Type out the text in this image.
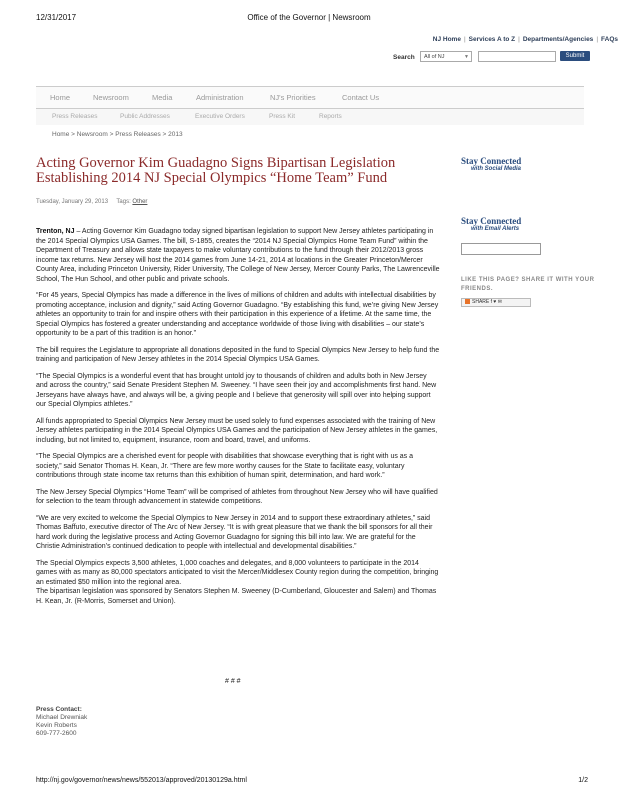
12/31/2017	Office of the Governor | Newsroom
NJ Home | Services A to Z | Departments/Agencies | FAQs
Search	All of NJ	▼	Submit
Home	Newsroom	Media	Administration	NJ's Priorities	Contact Us
Press Releases	Public Addresses	Executive Orders	Press Kit	Reports
Home > Newsroom > Press Releases > 2013
Acting Governor Kim Guadagno Signs Bipartisan Legislation Establishing 2014 NJ Special Olympics “Home Team” Fund
Tuesday, January 29, 2013 Tags: Other

Trenton, NJ – Acting Governor Kim Guadagno today signed bipartisan legislation to support New Jersey athletes participating in the 2014 Special Olympics USA Games. The bill, S-1855, creates the “2014 NJ Special Olympics Home Team Fund” within the Department of Treasury and allows state taxpayers to make voluntary contributions to the fund through their 2012/2013 gross income tax returns. New Jersey will host the 2014 games from June 14-21, 2014 at locations in the Greater Princeton/Mercer County Area, including Princeton University, Rider University, The College of New Jersey, Mercer County Parks, The Lawrenceville School, The Hun School, and other public and private schools.

“For 45 years, Special Olympics has made a difference in the lives of millions of children and adults with intellectual disabilities by promoting acceptance, inclusion and dignity,” said Acting Governor Guadagno. “By establishing this fund, we’re giving New Jersey athletes an opportunity to train for and inspire others with their participation in this experience of a lifetime. At the same time, the Special Olympics has fostered a greater understanding and acceptance worldwide of those living with disabilities – our state’s opportunity to be a part of this tradition is an honor.”

The bill requires the Legislature to appropriate all donations deposited in the fund to Special Olympics New Jersey to help fund the training and participation of New Jersey athletes in the 2014 Special Olympics USA Games.

“The Special Olympics is a wonderful event that has brought untold joy to thousands of children and adults both in New Jersey and across the country,” said Senate President Stephen M. Sweeney. “I have seen their joy and accomplishments first hand. New Jerseyans have always have, and always will be, a giving people and I believe that generosity will spill over into helping support our Special Olympics athletes.”

All funds appropriated to Special Olympics New Jersey must be used solely to fund expenses associated with the training of New Jersey athletes participating in the 2014 Special Olympics USA Games and the participation of New Jersey athletes in the games, including, but not limited to, equipment, insurance, room and board, travel, and uniforms.

“The Special Olympics are a cherished event for people with disabilities that showcase everything that is right with us as a society,” said Senator Thomas H. Kean, Jr. “There are few more worthy causes for the State to facilitate easy, voluntary contributions through state income tax returns than this exhibition of human spirit, determination, and hard work.”

The New Jersey Special Olympics “Home Team” will be comprised of athletes from throughout New Jersey who will have qualified for selection to the team through advancement in statewide competitions.

“We are very excited to welcome the Special Olympics to New Jersey in 2014 and to support these extraordinary athletes,” said Thomas Baffuto, executive director of The Arc of New Jersey. “It is with great pleasure that we thank the bill sponsors for all their hard work during the legislative process and Acting Governor Guadagno for signing this bill into law. We are grateful for the Christie Administration’s continued dedication to people with intellectual and developmental disabilities.”

The Special Olympics expects 3,500 athletes, 1,000 coaches and delegates, and 8,000 volunteers to participate in the 2014 games with as many as 80,000 spectators anticipated to visit the Mercer/Middlesex County region during the competition, bringing an estimated $50 million into the regional area.
The bipartisan legislation was sponsored by Senators Stephen M. Sweeney (D-Cumberland, Gloucester and Salem) and Thomas H. Kean, Jr. (R-Morris, Somerset and Union).
# # #
Press Contact:
Michael Drewniak
Kevin Roberts
609-777-2600
Stay Connected
with Social Media
Stay Connected
with Email Alerts
LIKE THIS PAGE? SHARE IT WITH YOUR FRIENDS.
SHARE f ♥ ✉
http://nj.gov/governor/news/news/552013/approved/20130129a.html	1/2
